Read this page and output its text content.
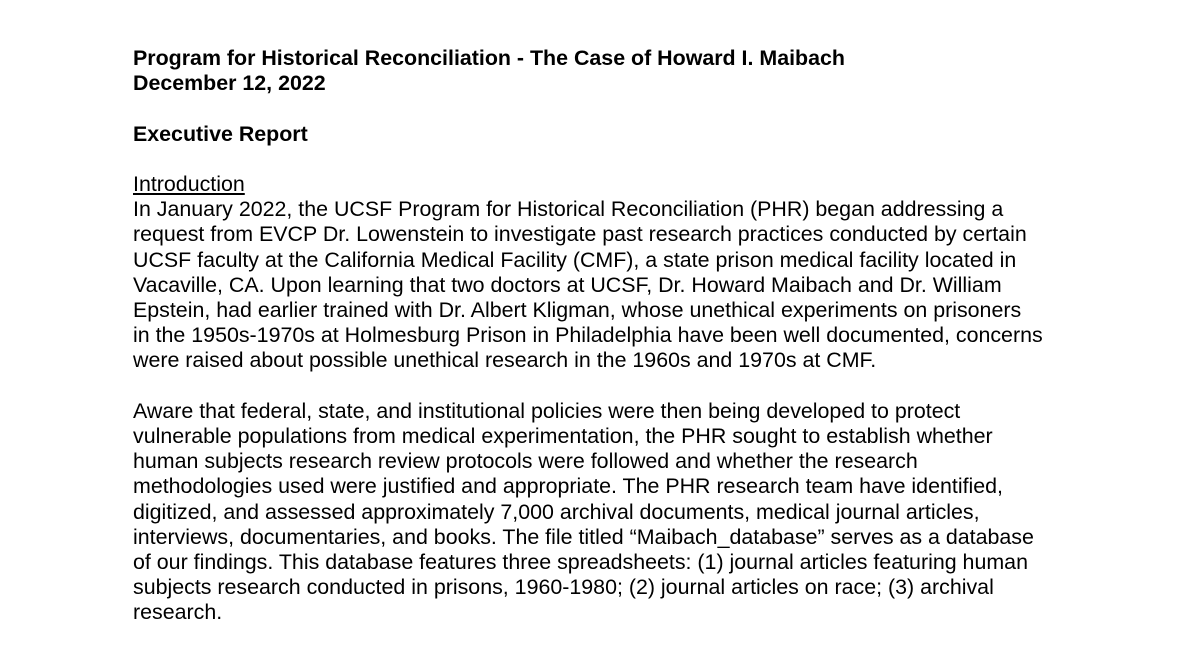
Program for Historical Reconciliation - The Case of Howard I. Maibach
December 12, 2022
Executive Report
Introduction
In January 2022, the UCSF Program for Historical Reconciliation (PHR) began addressing a
request from EVCP Dr. Lowenstein to investigate past research practices conducted by certain
UCSF faculty at the California Medical Facility (CMF), a state prison medical facility located in
Vacaville, CA. Upon learning that two doctors at UCSF, Dr. Howard Maibach and Dr. William
Epstein, had earlier trained with Dr. Albert Kligman, whose unethical experiments on prisoners
in the 1950s-1970s at Holmesburg Prison in Philadelphia have been well documented, concerns
were raised about possible unethical research in the 1960s and 1970s at CMF.
Aware that federal, state, and institutional policies were then being developed to protect
vulnerable populations from medical experimentation, the PHR sought to establish whether
human subjects research review protocols were followed and whether the research
methodologies used were justified and appropriate. The PHR research team have identified,
digitized, and assessed approximately 7,000 archival documents, medical journal articles,
interviews, documentaries, and books. The file titled “Maibach_database” serves as a database
of our findings. This database features three spreadsheets: (1) journal articles featuring human
subjects research conducted in prisons, 1960-1980; (2) journal articles on race; (3) archival
research.
